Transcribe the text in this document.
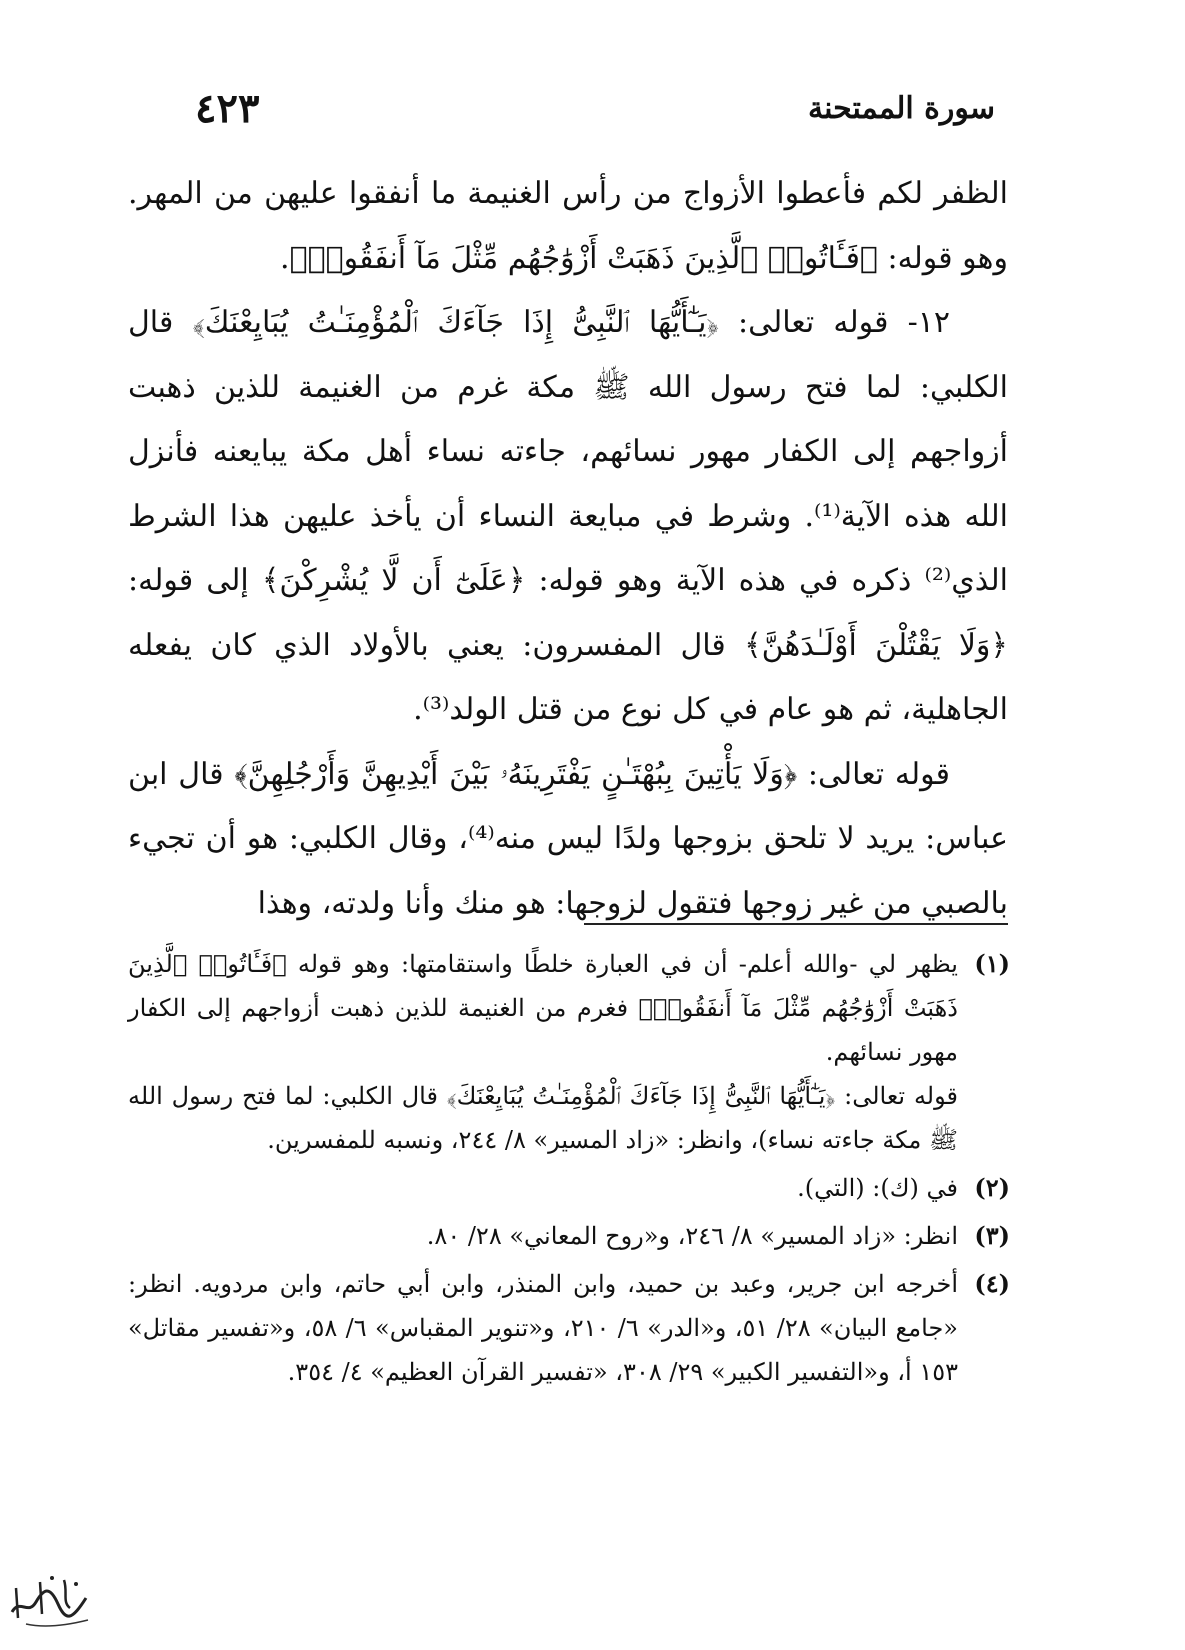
٤٢٣	سورة الممتحنة

الظفر لكم فأعطوا الأزواج من رأس الغنيمة ما أنفقوا عليهن من المهر. وهو قوله: ﴿فَـَٔاتُوا۟ ٱلَّذِينَ ذَهَبَتْ أَزْوَٰجُهُم مِّثْلَ مَآ أَنفَقُوا۟﴾.

١٢- قوله تعالى: ﴿يَـٰٓأَيُّهَا ٱلنَّبِىُّ إِذَا جَآءَكَ ٱلْمُؤْمِنَـٰتُ يُبَايِعْنَكَ﴾ قال الكلبي: لما فتح رسول الله ﷺ مكة غرم من الغنيمة للذين ذهبت أزواجهم إلى الكفار مهور نسائهم، جاءته نساء أهل مكة يبايعنه فأنزل الله هذه الآية⁽¹⁾. وشرط في مبايعة النساء أن يأخذ عليهن هذا الشرط الذي⁽²⁾ ذكره في هذه الآية وهو قوله: ﴿عَلَىٰٓ أَن لَّا يُشْرِكْنَ﴾ إلى قوله: ﴿وَلَا يَقْتُلْنَ أَوْلَـٰدَهُنَّ﴾ قال المفسرون: يعني بالأولاد الذي كان يفعله الجاهلية، ثم هو عام في كل نوع من قتل الولد⁽³⁾.

قوله تعالى: ﴿وَلَا يَأْتِينَ بِبُهْتَـٰنٍ يَفْتَرِينَهُۥ بَيْنَ أَيْدِيهِنَّ وَأَرْجُلِهِنَّ﴾ قال ابن عباس: يريد لا تلحق بزوجها ولدًا ليس منه⁽⁴⁾، وقال الكلبي: هو أن تجيء بالصبي من غير زوجها فتقول لزوجها: هو منك وأنا ولدته، وهذا

(١)

يظهر لي -والله أعلم- أن في العبارة خلطًا واستقامتها: وهو قوله ﴿فَـَٔاتُوا۟ ٱلَّذِينَ ذَهَبَتْ أَزْوَٰجُهُم مِّثْلَ مَآ أَنفَقُوا۟﴾ فغرم من الغنيمة للذين ذهبت أزواجهم إلى الكفار مهور نسائهم.

قوله تعالى: ﴿يَـٰٓأَيُّهَا ٱلنَّبِىُّ إِذَا جَآءَكَ ٱلْمُؤْمِنَـٰتُ يُبَايِعْنَكَ﴾ قال الكلبي: لما فتح رسول الله ﷺ مكة جاءته نساء)، وانظر: «زاد المسير» ٨/ ٢٤٤، ونسبه للمفسرين.

(٢)

في (ك): (التي).

(٣)

انظر: «زاد المسير» ٨/ ٢٤٦، و«روح المعاني» ٢٨/ ٨٠.

(٤)

أخرجه ابن جرير، وعبد بن حميد، وابن المنذر، وابن أبي حاتم، وابن مردويه. انظر: «جامع البيان» ٢٨/ ٥١، و«الدر» ٦/ ٢١٠، و«تنوير المقباس» ٦/ ٥٨، و«تفسير مقاتل» ١٥٣ أ، و«التفسير الكبير» ٢٩/ ٣٠٨، «تفسير القرآن العظيم» ٤/ ٣٥٤.
